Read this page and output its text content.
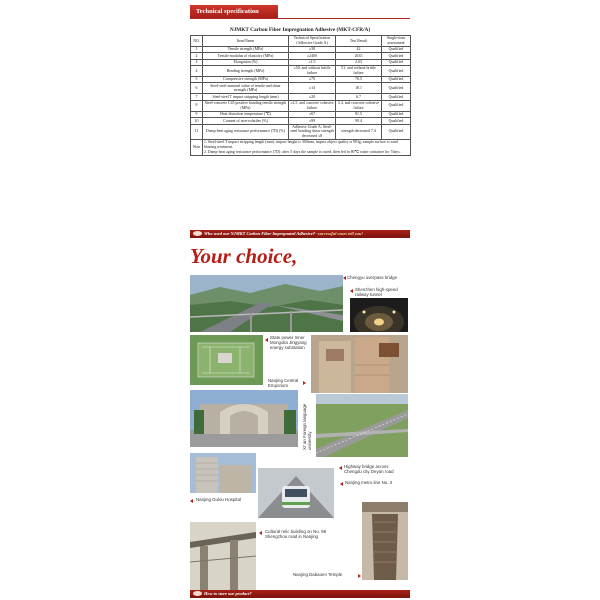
Technical specification
NJMKT Carbon Fiber Impregnation Adhesive (MKT-CFR/A)
NO.	Item/Name	Technical Specification (Adhesive Grade A)	Test Result	Single-item assessment
1	Tensile strength (MPa)	≥38	42	Qualified
2	Tensile modulus of elasticity (MPa)	≥2400	2635	Qualified
3	Elongation (%)	≥1.5	2.03	Qualified
4	Bending strength (MPa)	≥50, and without brittle failure	51, and without brittle failure	Qualified
5	Compressive strength (MPa)	≥70	76.5	Qualified
6	Steel-steel nominal value of tensile and shear strength (MPa)	≥14	18.1	Qualified
7	Steel-steel T impact stripping length (mm)	≤20	6.7	Qualified
8	Steel-concrete C45 positive bonding tensile strength (MPa)	≥2.5, and concrete cohesive failure	3.4, and concrete cohesive failure	Qualified
9	Heat distortion temperature (℃)	≥67	81.5	Qualified
10	Content of non-volatiles (%)	≥99	99.4	Qualified
11	Damp-heat aging resistance performance (7D) (%)	Adhesive Grade A: Steel-steel bonding shear strength decreased ≤8	strength decreased 7.4	Qualified
Note	1. Steel-steel T impact stripping length (mm): impact height is 300mm, impact object quality is 903g, sample surface is sand blasting treatment.
2. Damp-heat aging resistance performance (7D): after 5 days the sample is cured, then fed in 80℃ water container for 7days.			
Who used our NJMKT Carbon Fiber Impregnated Adhesive?--successful cases tell you!
Your choice,
Chengyu overpass bridge
Shenzhen high-speed railway tunnel
State power Inner Mongolia Jingyang energy substation
Nanjing Central Emporium
Xi' an Foreign language university
Highway bridge across Chengdu city Deyan road
Nanjing metro line No. 3
Nanjing Gulou Hospital
Cultural relic building on No. 98 Shengzhou road in Nanjing
Nanjing Dabaoen Temple
How to store our product?
